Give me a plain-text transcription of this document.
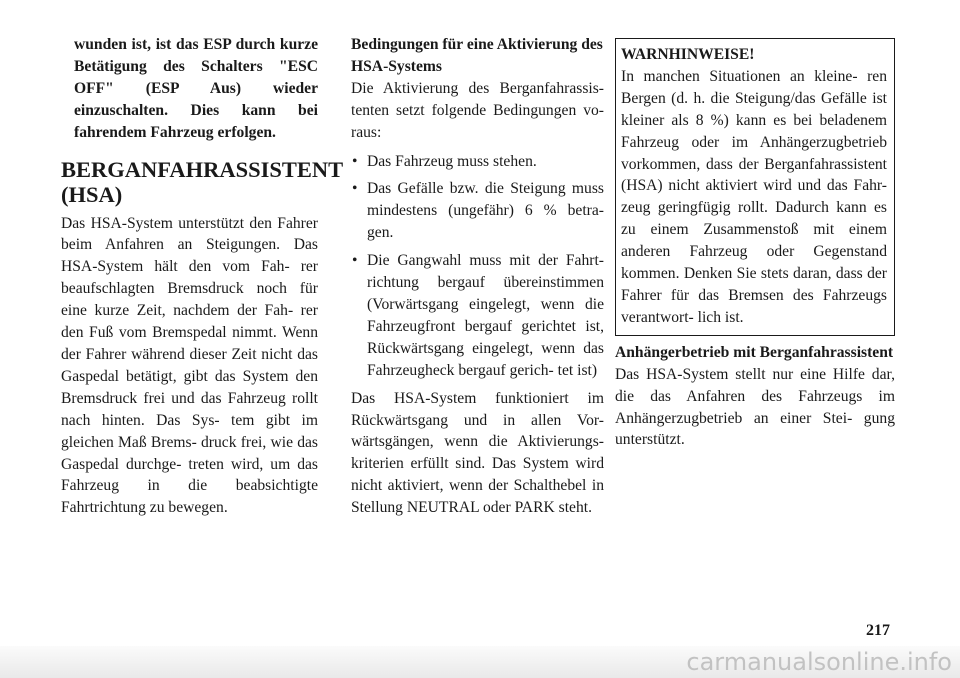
wunden ist, ist das ESP durch kurze Betätigung des Schalters "ESC OFF" (ESP Aus) wieder einzuschalten. Dies kann bei fahrendem Fahrzeug erfolgen.

BERGANFAHRASSISTENT (HSA)

Das HSA-System unterstützt den Fahrer beim Anfahren an Steigungen. Das HSA-System hält den vom Fah- rer beaufschlagten Bremsdruck noch für eine kurze Zeit, nachdem der Fah- rer den Fuß vom Bremspedal nimmt. Wenn der Fahrer während dieser Zeit nicht das Gaspedal betätigt, gibt das System den Bremsdruck frei und das Fahrzeug rollt nach hinten. Das Sys- tem gibt im gleichen Maß Brems- druck frei, wie das Gaspedal durchge- treten wird, um das Fahrzeug in die beabsichtigte Fahrtrichtung zu bewegen.

Bedingungen für eine Aktivierung des HSA-Systems

Die Aktivierung des Berganfahrassis- tenten setzt folgende Bedingungen vo- raus:

• Das Fahrzeug muss stehen.
• Das Gefälle bzw. die Steigung muss mindestens (ungefähr) 6 % betra- gen.
• Die Gangwahl muss mit der Fahrt- richtung bergauf übereinstimmen (Vorwärtsgang eingelegt, wenn die Fahrzeugfront bergauf gerichtet ist, Rückwärtsgang eingelegt, wenn das Fahrzeugheck bergauf gerich- tet ist)

Das HSA-System funktioniert im Rückwärtsgang und in allen Vor- wärtsgängen, wenn die Aktivierungs- kriterien erfüllt sind. Das System wird nicht aktiviert, wenn der Schalthebel in Stellung NEUTRAL oder PARK steht.

WARNHINWEISE!

In manchen Situationen an kleine- ren Bergen (d. h. die Steigung/das Gefälle ist kleiner als 8 %) kann es bei beladenem Fahrzeug oder im Anhängerzugbetrieb vorkommen, dass der Berganfahrassistent (HSA) nicht aktiviert wird und das Fahr- zeug geringfügig rollt. Dadurch kann es zu einem Zusammenstoß mit einem anderen Fahrzeug oder Gegenstand kommen. Denken Sie stets daran, dass der Fahrer für das Bremsen des Fahrzeugs verantwort- lich ist.

Anhängerbetrieb mit Berganfahrassistent

Das HSA-System stellt nur eine Hilfe dar, die das Anfahren des Fahrzeugs im Anhängerzugbetrieb an einer Stei- gung unterstützt.

217
carmanualsonline.info
